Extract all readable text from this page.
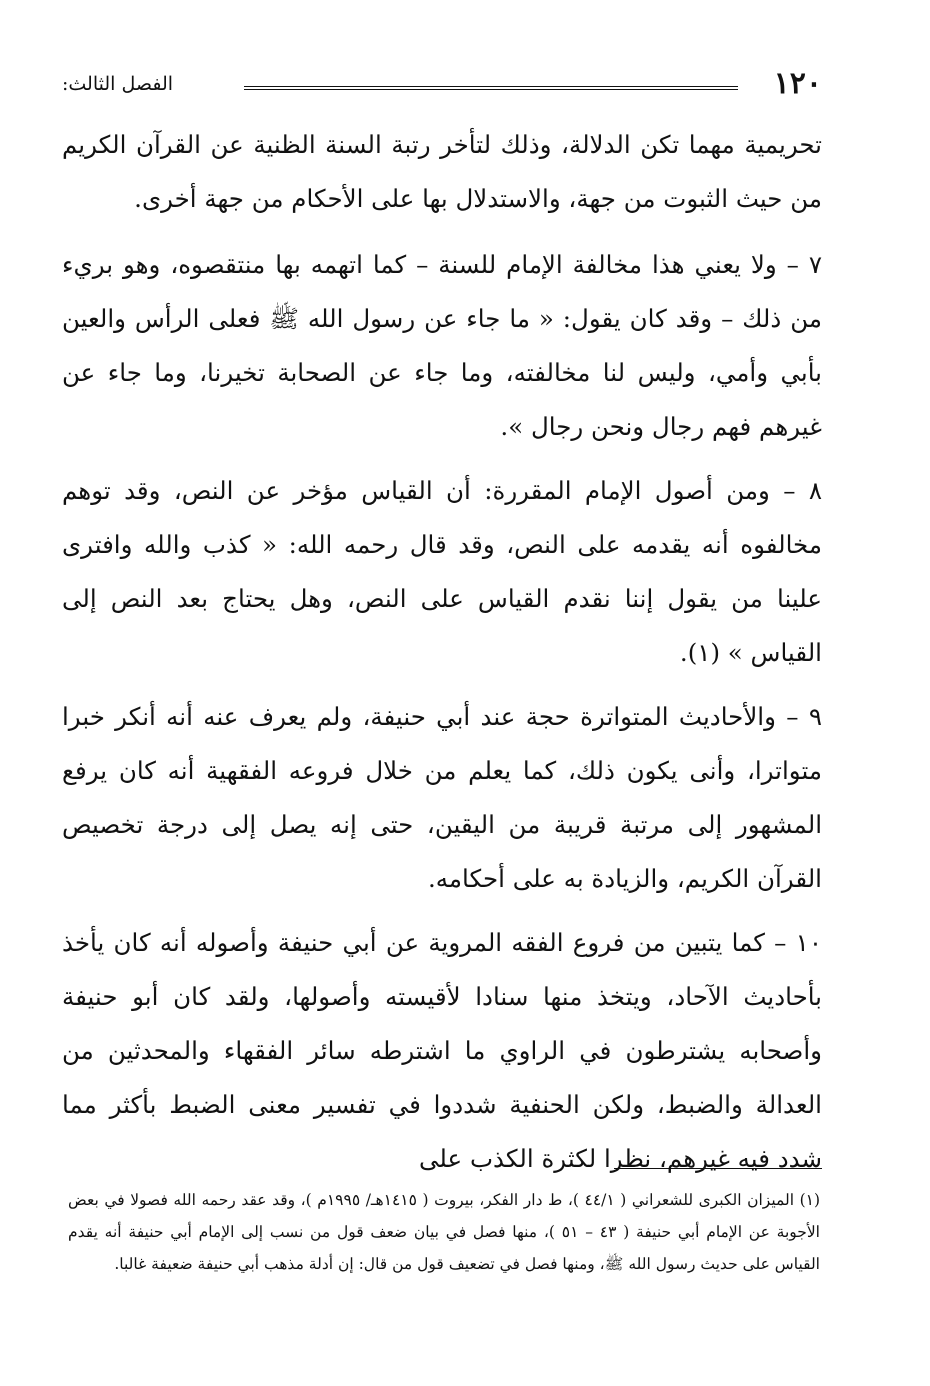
١٢٠
الفصل الثالث:

تحريمية مهما تكن الدلالة، وذلك لتأخر رتبة السنة الظنية عن القرآن الكريم من حيث الثبوت من جهة، والاستدلال بها على الأحكام من جهة أخرى.

٧ – ولا يعني هذا مخالفة الإمام للسنة – كما اتهمه بها منتقصوه، وهو بريء من ذلك – وقد كان يقول: « ما جاء عن رسول الله ﷺ فعلى الرأس والعين بأبي وأمي، وليس لنا مخالفته، وما جاء عن الصحابة تخيرنا، وما جاء عن غيرهم فهم رجال ونحن رجال ».

٨ – ومن أصول الإمام المقررة: أن القياس مؤخر عن النص، وقد توهم مخالفوه أنه يقدمه على النص، وقد قال رحمه الله: « كذب والله وافترى علينا من يقول إننا نقدم القياس على النص، وهل يحتاج بعد النص إلى القياس » (١).

٩ – والأحاديث المتواترة حجة عند أبي حنيفة، ولم يعرف عنه أنه أنكر خبرا متواترا، وأنى يكون ذلك، كما يعلم من خلال فروعه الفقهية أنه كان يرفع المشهور إلى مرتبة قريبة من اليقين، حتى إنه يصل إلى درجة تخصيص القرآن الكريم، والزيادة به على أحكامه.

١٠ – كما يتبين من فروع الفقه المروية عن أبي حنيفة وأصوله أنه كان يأخذ بأحاديث الآحاد، ويتخذ منها سنادا لأقيسته وأصولها، ولقد كان أبو حنيفة وأصحابه يشترطون في الراوي ما اشترطه سائر الفقهاء والمحدثين من العدالة والضبط، ولكن الحنفية شددوا في تفسير معنى الضبط بأكثر مما شدد فيه غيرهم، نظرا لكثرة الكذب على

(١) الميزان الكبرى للشعراني ( ٤٤/١ )، ط دار الفكر، بيروت ( ١٤١٥هـ/ ١٩٩٥م )، وقد عقد رحمه الله فصولا في بعض الأجوبة عن الإمام أبي حنيفة ( ٤٣ – ٥١ )، منها فصل في بيان ضعف قول من نسب إلى الإمام أبي حنيفة أنه يقدم القياس على حديث رسول الله ﷺ، ومنها فصل في تضعيف قول من قال: إن أدلة مذهب أبي حنيفة ضعيفة غالبا.
